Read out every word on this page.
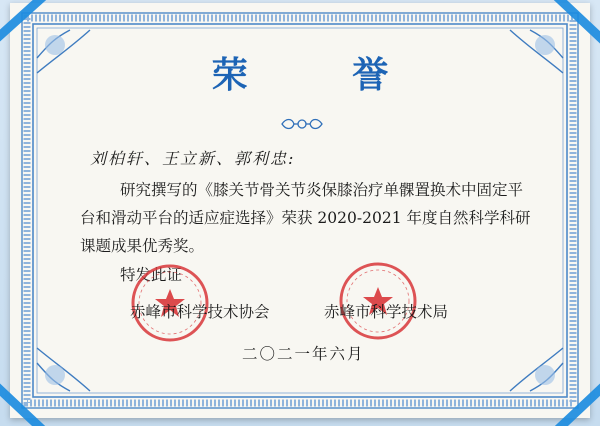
荣 誉
刘柏轩、王立新、郭利忠:
研究撰写的《膝关节骨关节炎保膝治疗单髁置换术中固定平
台和滑动平台的适应症选择》荣获 2020-2021 年度自然科学科研
课题成果优秀奖。
特发此证
赤峰市科学技术协会	赤峰市科学技术局
二〇二一年六月
